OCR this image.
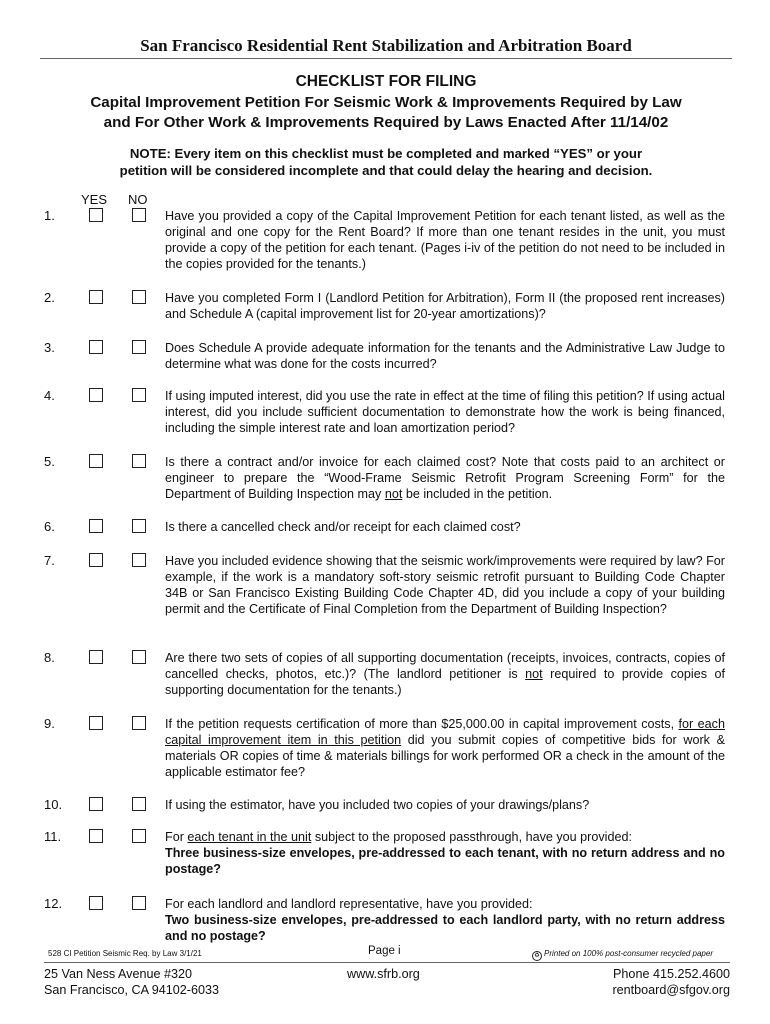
San Francisco Residential Rent Stabilization and Arbitration Board
CHECKLIST FOR FILING
Capital Improvement Petition For Seismic Work & Improvements Required by Law
and For Other Work & Improvements Required by Laws Enacted After 11/14/02
NOTE: Every item on this checklist must be completed and marked “YES” or your
petition will be considered incomplete and that could delay the hearing and decision.
YES NO
1.	Have you provided a copy of the Capital Improvement Petition for each tenant listed, as well as the original and one copy for the Rent Board? If more than one tenant resides in the unit, you must provide a copy of the petition for each tenant. (Pages i-iv of the petition do not need to be included in the copies provided for the tenants.)
2.	Have you completed Form I (Landlord Petition for Arbitration), Form II (the proposed rent increases) and Schedule A (capital improvement list for 20-year amortizations)?
3.	Does Schedule A provide adequate information for the tenants and the Administrative Law Judge to determine what was done for the costs incurred?
4.	If using imputed interest, did you use the rate in effect at the time of filing this petition? If using actual interest, did you include sufficient documentation to demonstrate how the work is being financed, including the simple interest rate and loan amortization period?
5.	Is there a contract and/or invoice for each claimed cost? Note that costs paid to an architect or engineer to prepare the “Wood-Frame Seismic Retrofit Program Screening Form” for the Department of Building Inspection may not be included in the petition.
6.	Is there a cancelled check and/or receipt for each claimed cost?
7.	Have you included evidence showing that the seismic work/improvements were required by law? For example, if the work is a mandatory soft-story seismic retrofit pursuant to Building Code Chapter 34B or San Francisco Existing Building Code Chapter 4D, did you include a copy of your building permit and the Certificate of Final Completion from the Department of Building Inspection?
8.	Are there two sets of copies of all supporting documentation (receipts, invoices, contracts, copies of cancelled checks, photos, etc.)? (The landlord petitioner is not required to provide copies of supporting documentation for the tenants.)
9.	If the petition requests certification of more than $25,000.00 in capital improvement costs, for each capital improvement item in this petition did you submit copies of competitive bids for work & materials OR copies of time & materials billings for work performed OR a check in the amount of the applicable estimator fee?
10.	If using the estimator, have you included two copies of your drawings/plans?
11.	For each tenant in the unit subject to the proposed passthrough, have you provided:
Three business-size envelopes, pre-addressed to each tenant, with no return address and no postage?
12.	For each landlord and landlord representative, have you provided:
Two business-size envelopes, pre-addressed to each landlord party, with no return address and no postage?
528 CI Petition Seismic Req. by Law 3/1/21	Page i	♻ Printed on 100% post-consumer recycled paper
25 Van Ness Avenue #320
San Francisco, CA 94102-6033
www.sfrb.org	Phone 415.252.4600
rentboard@sfgov.org
